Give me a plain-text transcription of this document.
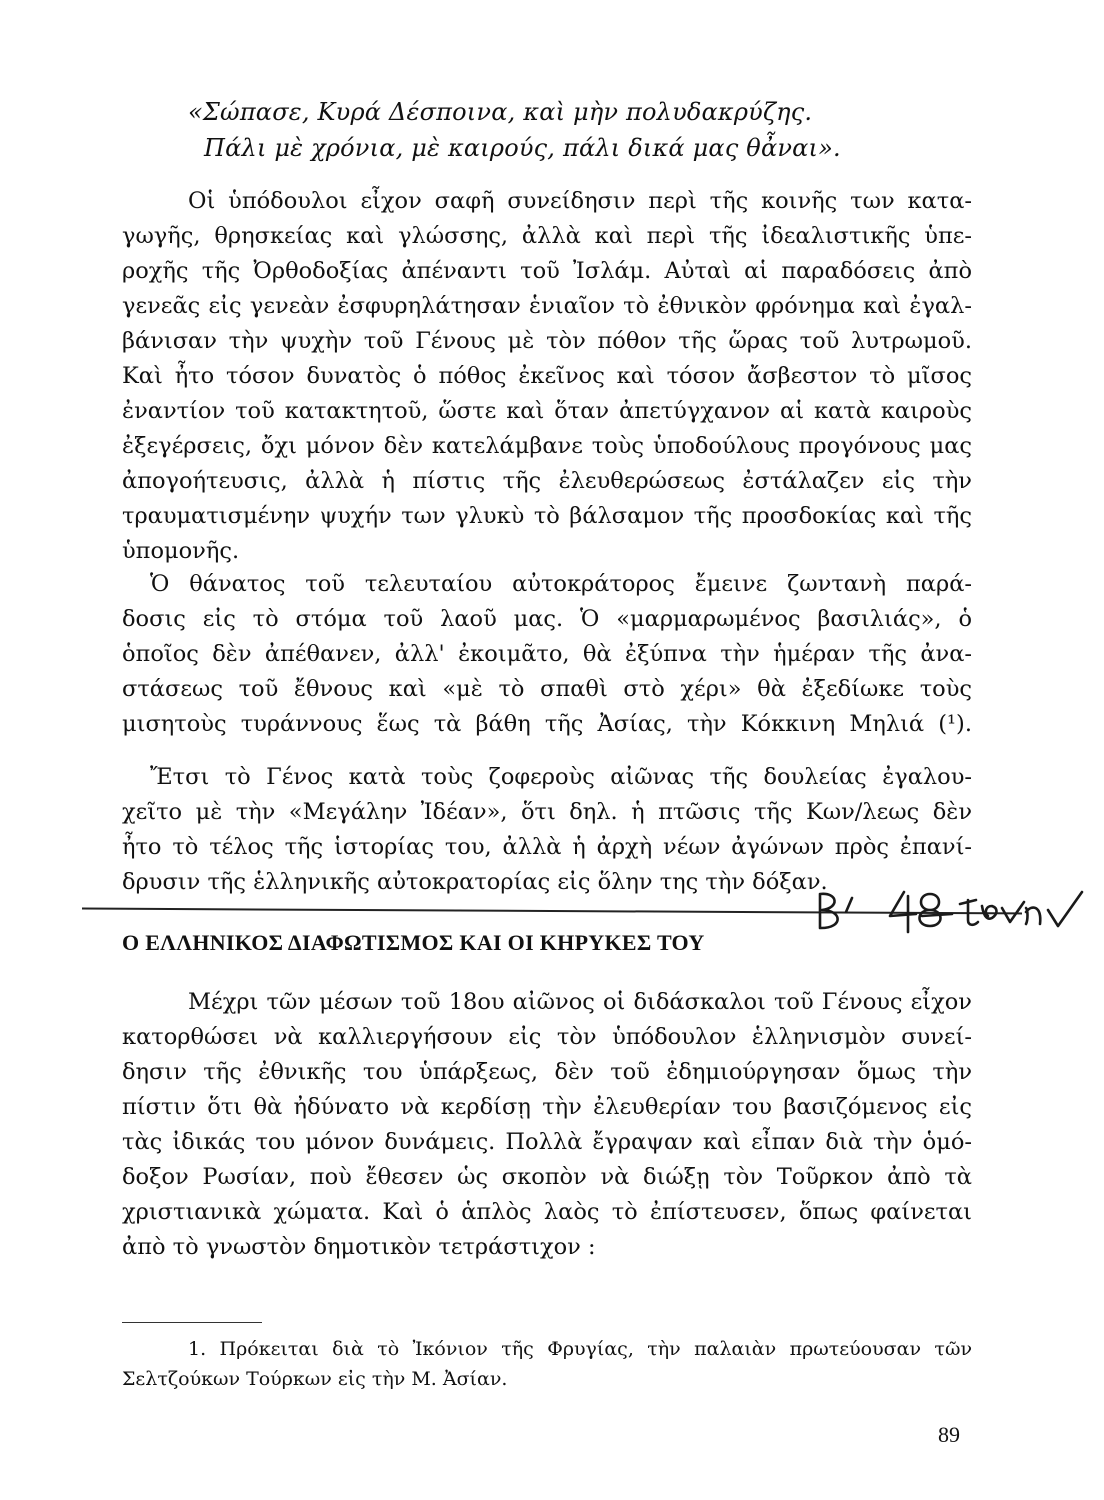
«Σώπασε, Κυρά Δέσποινα, καὶ μὴν πολυδακρύζης.
Πάλι μὲ χρόνια, μὲ καιρούς, πάλι δικά μας θἆναι».
Οἱ ὑπόδουλοι εἶχον σαφῆ συνείδησιν περὶ τῆς κοινῆς των κατα-
γωγῆς, θρησκείας καὶ γλώσσης, ἀλλὰ καὶ περὶ τῆς ἰδεαλιστικῆς ὑπε-
ροχῆς τῆς Ὀρθοδοξίας ἀπέναντι τοῦ Ἰσλάμ. Αὐταὶ αἱ παραδόσεις ἀπὸ
γενεᾶς εἰς γενεὰν ἐσφυρηλάτησαν ἑνιαῖον τὸ ἐθνικὸν φρόνημα καὶ ἐγαλ-
βάνισαν τὴν ψυχὴν τοῦ Γένους μὲ τὸν πόθον τῆς ὥρας τοῦ λυτρωμοῦ.
Καὶ ἦτο τόσον δυνατὸς ὁ πόθος ἐκεῖνος καὶ τόσον ἄσβεστον τὸ μῖσος
ἐναντίον τοῦ κατακτητοῦ, ὥστε καὶ ὅταν ἀπετύγχανον αἱ κατὰ καιροὺς
ἐξεγέρσεις, ὄχι μόνον δὲν κατελάμβανε τοὺς ὑποδούλους προγόνους μας
ἀπογοήτευσις, ἀλλὰ ἡ πίστις τῆς ἐλευθερώσεως ἐστάλαζεν εἰς τὴν
τραυματισμένην ψυχήν των γλυκὺ τὸ βάλσαμον τῆς προσδοκίας καὶ τῆς
ὑπομονῆς.
Ὁ θάνατος τοῦ τελευταίου αὐτοκράτορος ἔμεινε ζωντανὴ παρά-
δοσις εἰς τὸ στόμα τοῦ λαοῦ μας. Ὁ «μαρμαρωμένος βασιλιάς», ὁ
ὁποῖος δὲν ἀπέθανεν, ἀλλ' ἐκοιμᾶτο, θὰ ἐξύπνα τὴν ἡμέραν τῆς ἀνα-
στάσεως τοῦ ἔθνους καὶ «μὲ τὸ σπαθὶ στὸ χέρι» θὰ ἐξεδίωκε τοὺς
μισητοὺς τυράννους ἕως τὰ βάθη τῆς Ἀσίας, τὴν Κόκκινη Μηλιά (¹).
Ἔτσι τὸ Γένος κατὰ τοὺς ζοφεροὺς αἰῶνας τῆς δουλείας ἐγαλου-
χεῖτο μὲ τὴν «Μεγάλην Ἰδέαν», ὅτι δηλ. ἡ πτῶσις τῆς Κων/λεως δὲν
ἦτο τὸ τέλος τῆς ἱστορίας του, ἀλλὰ ἡ ἀρχὴ νέων ἀγώνων πρὸς ἐπανί-
δρυσιν τῆς ἑλληνικῆς αὐτοκρατορίας εἰς ὅλην της τὴν δόξαν.
Ο ΕΛΛΗΝΙΚΟΣ ΔΙΑΦΩΤΙΣΜΟΣ ΚΑΙ ΟΙ ΚΗΡΥΚΕΣ ΤΟΥ
Μέχρι τῶν μέσων τοῦ 18ου αἰῶνος οἱ διδάσκαλοι τοῦ Γένους εἶχον
κατορθώσει νὰ καλλιεργήσουν εἰς τὸν ὑπόδουλον ἑλληνισμὸν συνεί-
δησιν τῆς ἐθνικῆς του ὑπάρξεως, δὲν τοῦ ἐδημιούργησαν ὅμως τὴν
πίστιν ὅτι θὰ ἠδύνατο νὰ κερδίσῃ τὴν ἐλευθερίαν του βασιζόμενος εἰς
τὰς ἰδικάς του μόνον δυνάμεις. Πολλὰ ἔγραψαν καὶ εἶπαν διὰ τὴν ὁμό-
δοξον Ρωσίαν, ποὺ ἔθεσεν ὡς σκοπὸν νὰ διώξῃ τὸν Τοῦρκον ἀπὸ τὰ
χριστιανικὰ χώματα. Καὶ ὁ ἁπλὸς λαὸς τὸ ἐπίστευσεν, ὅπως φαίνεται
ἀπὸ τὸ γνωστὸν δημοτικὸν τετράστιχον :
1. Πρόκειται διὰ τὸ Ἰκόνιον τῆς Φρυγίας, τὴν παλαιὰν πρωτεύουσαν τῶν
Σελτζούκων Τούρκων εἰς τὴν Μ. Ἀσίαν.
89
